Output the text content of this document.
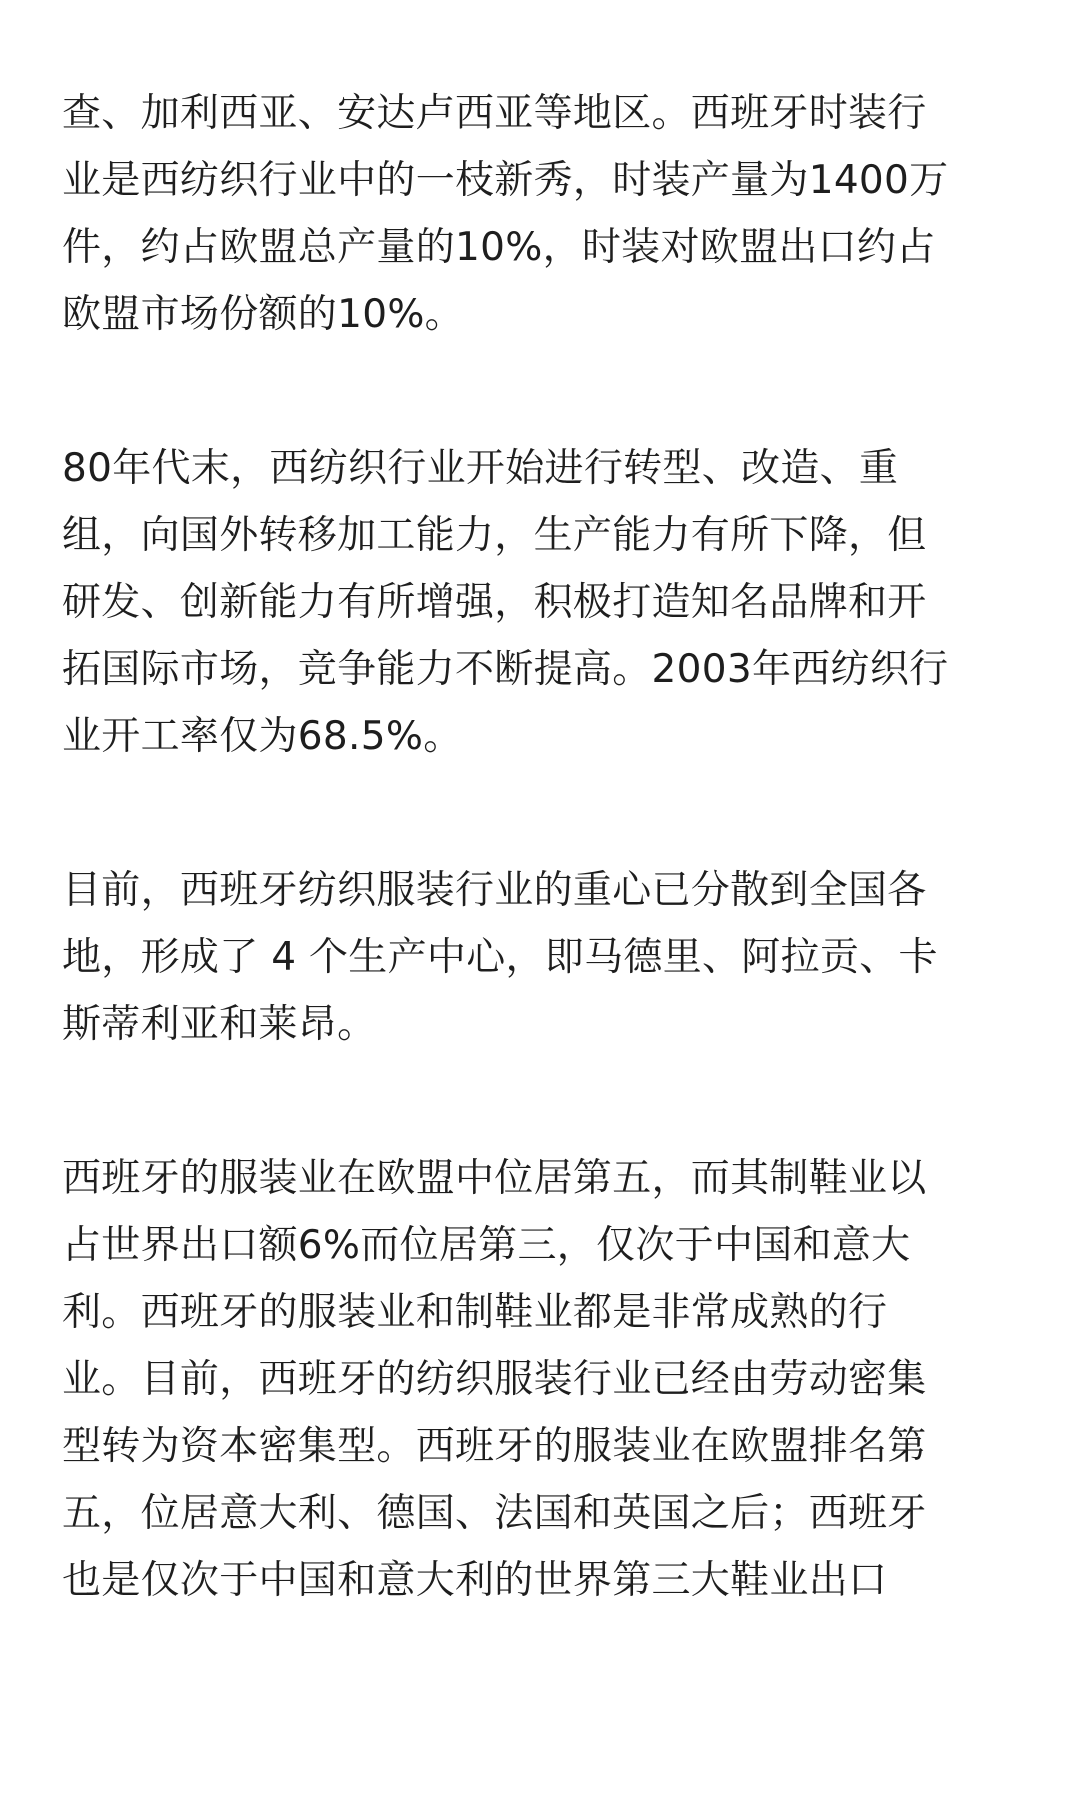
查、加利西亚、安达卢西亚等地区。西班牙时装行
业是西纺织行业中的一枝新秀，时装产量为1400万
件，约占欧盟总产量的10%，时装对欧盟出口约占
欧盟市场份额的10%。

80年代末，西纺织行业开始进行转型、改造、重
组，向国外转移加工能力，生产能力有所下降，但
研发、创新能力有所增强，积极打造知名品牌和开
拓国际市场，竞争能力不断提高。2003年西纺织行
业开工率仅为68.5%。

目前，西班牙纺织服装行业的重心已分散到全国各
地，形成了 4 个生产中心，即马德里、阿拉贡、卡
斯蒂利亚和莱昂。

西班牙的服装业在欧盟中位居第五，而其制鞋业以
占世界出口额6%而位居第三，仅次于中国和意大
利。西班牙的服装业和制鞋业都是非常成熟的行
业。目前，西班牙的纺织服装行业已经由劳动密集
型转为资本密集型。西班牙的服装业在欧盟排名第
五，位居意大利、德国、法国和英国之后；西班牙
也是仅次于中国和意大利的世界第三大鞋业出口
